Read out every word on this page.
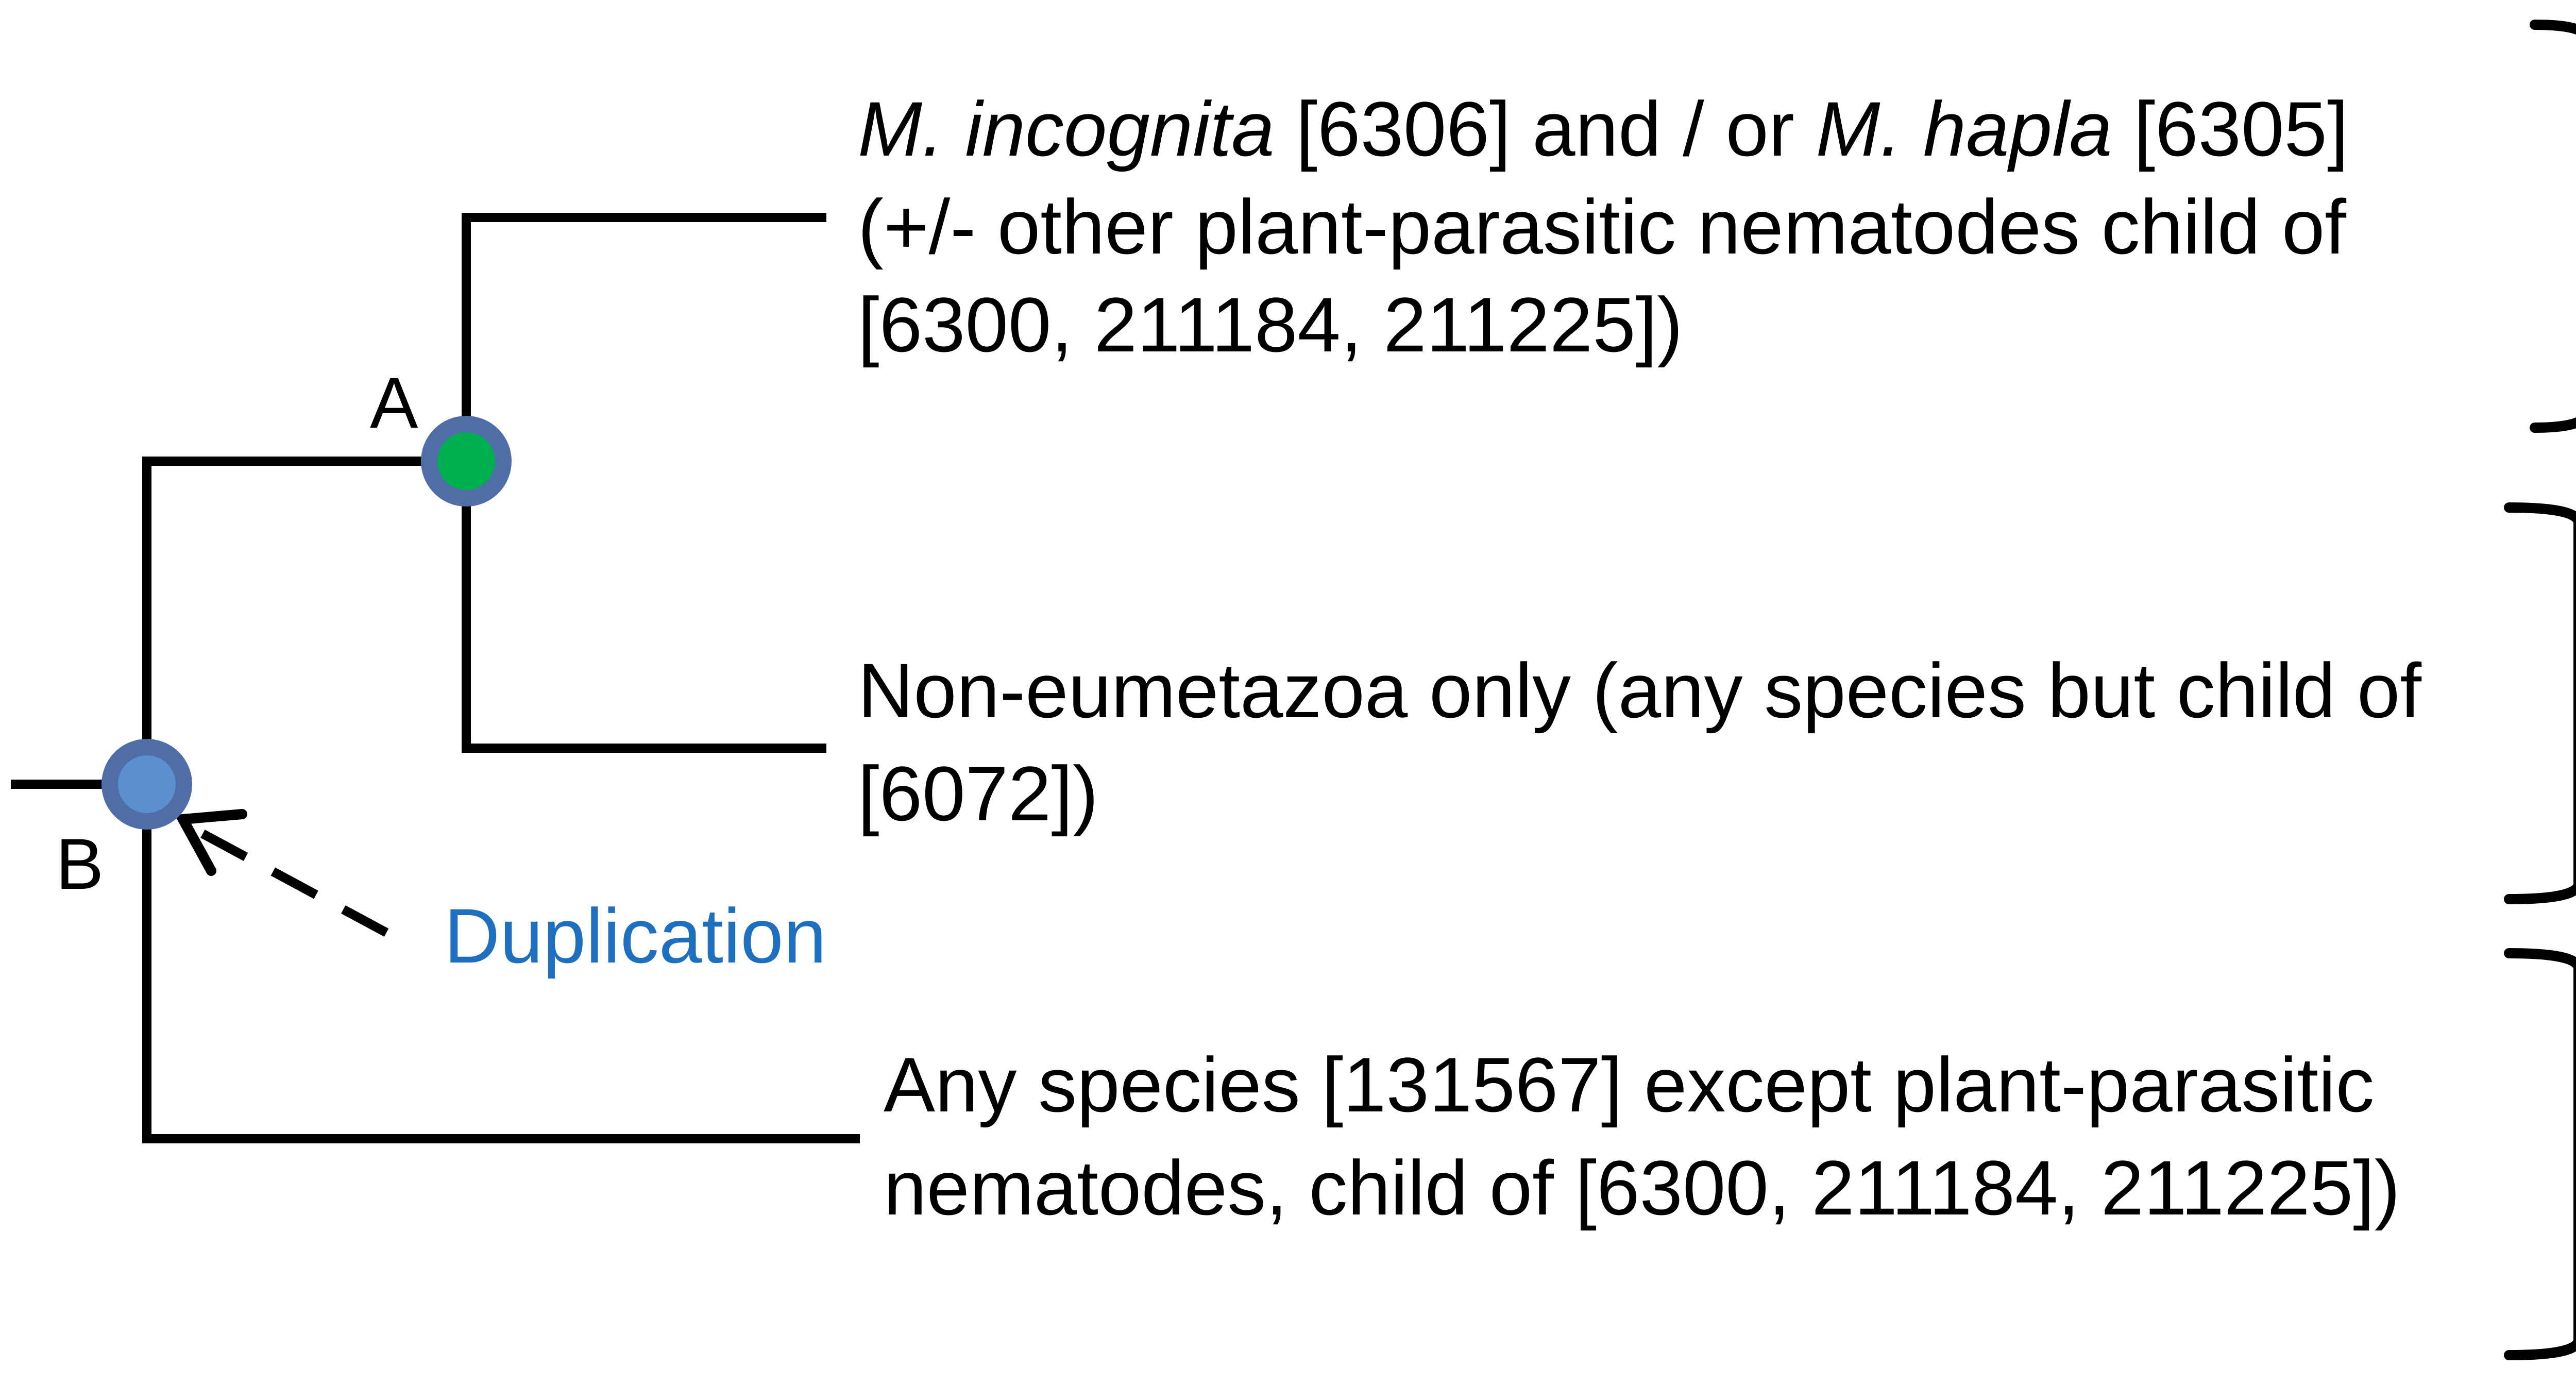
A
B
Duplication
M. incognita [6306] and / or M. hapla [6305]
(+/- other plant-parasitic nematodes child of
[6300, 211184, 211225])
Non-eumetazoa only (any species but child of
[6072])
Any species [131567] except plant-parasitic
nematodes, child of [6300, 211184, 211225])
